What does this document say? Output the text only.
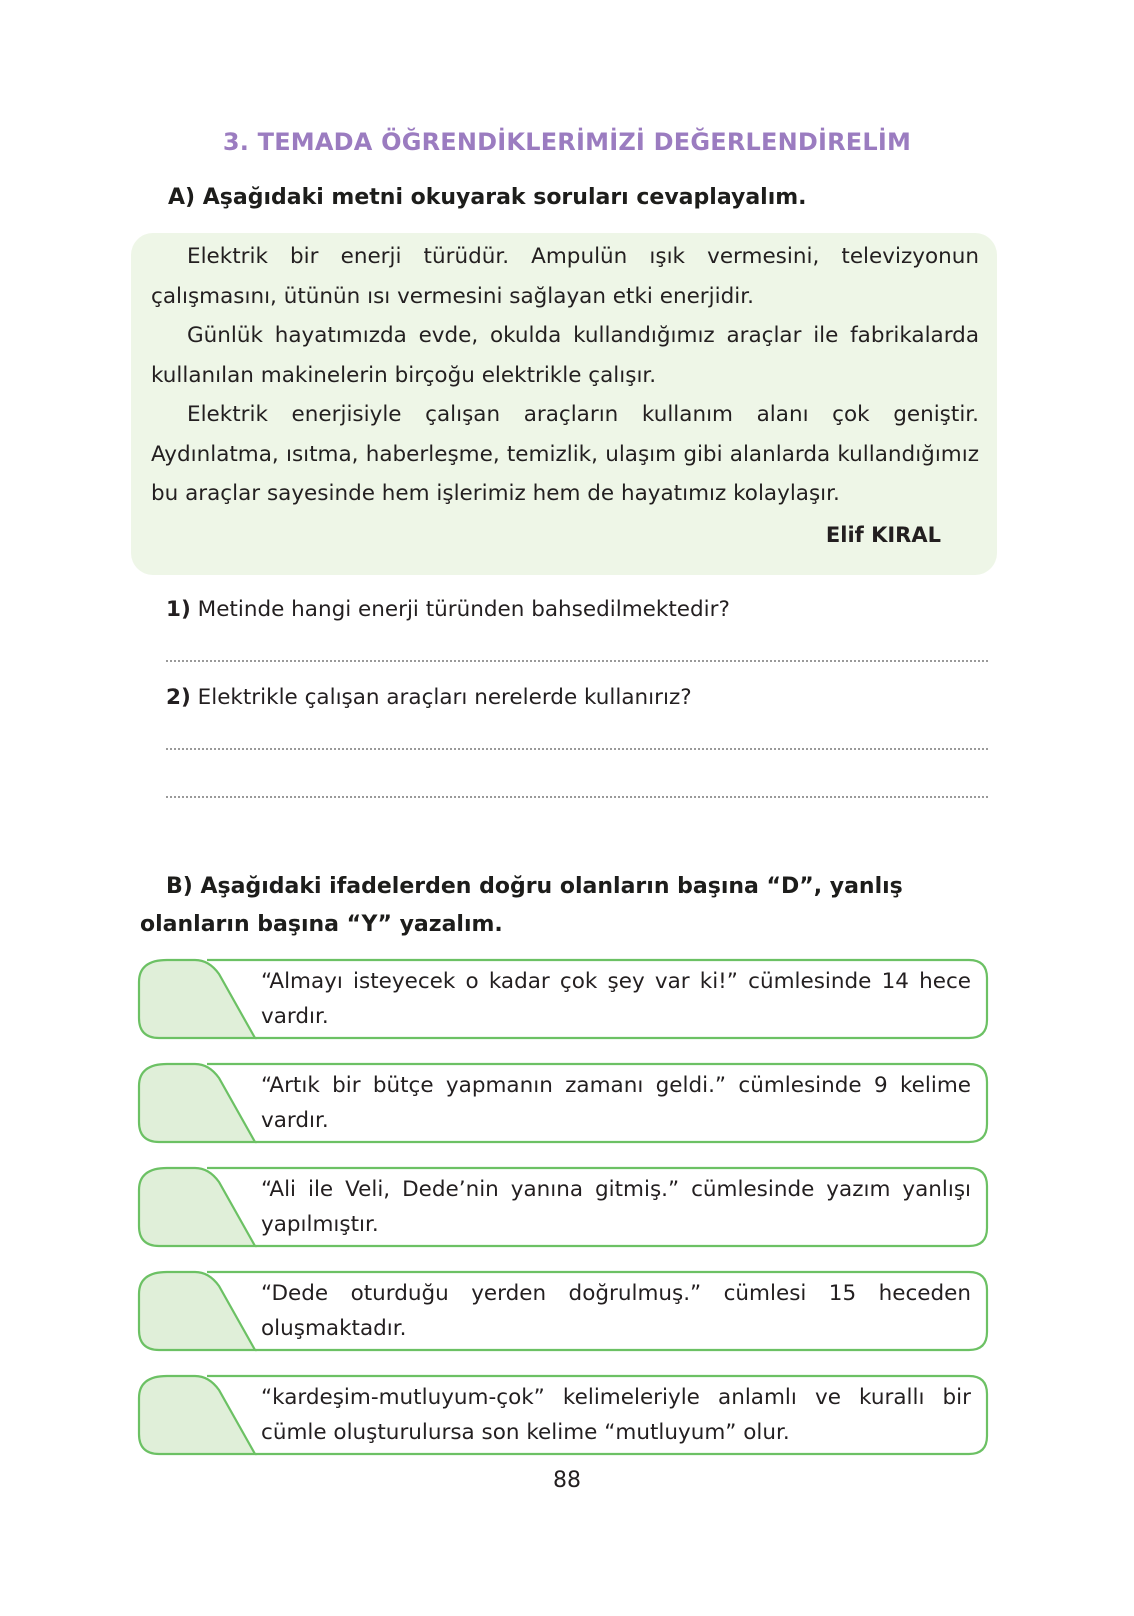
3. TEMADA ÖĞRENDİKLERİMİZİ DEĞERLENDİRELİM
A) Aşağıdaki metni okuyarak soruları cevaplayalım.

Elektrik bir enerji türüdür. Ampulün ışık vermesini, televizyonun çalışmasını, ütünün ısı vermesini sağlayan etki enerjidir.

Günlük hayatımızda evde, okulda kullandığımız araçlar ile fabrikalarda kullanılan makinelerin birçoğu elektrikle çalışır.

Elektrik enerjisiyle çalışan araçların kullanım alanı çok geniştir. Aydınlatma, ısıtma, haberleşme, temizlik, ulaşım gibi alanlarda kullandığımız bu araçlar sayesinde hem işlerimiz hem de hayatımız kolaylaşır.

Elif KIRAL
1) Metinde hangi enerji türünden bahsedilmektedir?
2) Elektrikle çalışan araçları nerelerde kullanırız?
B) Aşağıdaki ifadelerden doğru olanların başına “D”, yanlış olanların başına “Y” yazalım.
“Almayı isteyecek o kadar çok şey var ki!” cümlesinde 14 hece vardır.
“Artık bir bütçe yapmanın zamanı geldi.” cümlesinde 9 kelime vardır.
“Ali ile Veli, Dede’nin yanına gitmiş.” cümlesinde yazım yanlışı yapılmıştır.
“Dede oturduğu yerden doğrulmuş.” cümlesi 15 heceden oluşmaktadır.
“kardeşim-mutluyum-çok” kelimeleriyle anlamlı ve kurallı bir cümle oluşturulursa son kelime “mutluyum” olur.
88
